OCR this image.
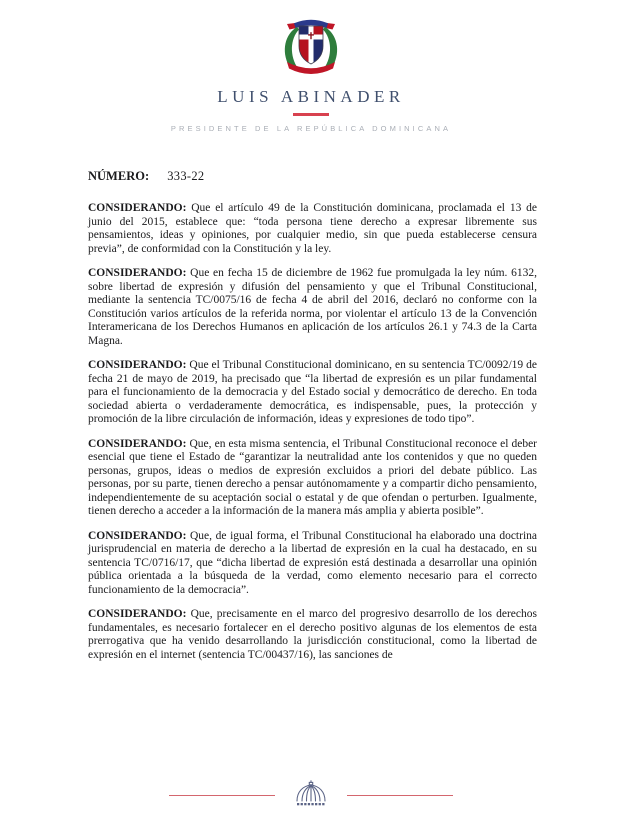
LUIS ABINADER
PRESIDENTE DE LA REPÚBLICA DOMINICANA
NÚMERO: 333-22

CONSIDERANDO: Que el artículo 49 de la Constitución dominicana, proclamada el 13 de junio del 2015, establece que: “toda persona tiene derecho a expresar libremente sus pensamientos, ideas y opiniones, por cualquier medio, sin que pueda establecerse censura previa”, de conformidad con la Constitución y la ley.

CONSIDERANDO: Que en fecha 15 de diciembre de 1962 fue promulgada la ley núm. 6132, sobre libertad de expresión y difusión del pensamiento y que el Tribunal Constitucional, mediante la sentencia TC/0075/16 de fecha 4 de abril del 2016, declaró no conforme con la Constitución varios artículos de la referida norma, por violentar el artículo 13 de la Convención Interamericana de los Derechos Humanos en aplicación de los artículos 26.1 y 74.3 de la Carta Magna.

CONSIDERANDO: Que el Tribunal Constitucional dominicano, en su sentencia TC/0092/19 de fecha 21 de mayo de 2019, ha precisado que “la libertad de expresión es un pilar fundamental para el funcionamiento de la democracia y del Estado social y democrático de derecho. En toda sociedad abierta o verdaderamente democrática, es indispensable, pues, la protección y promoción de la libre circulación de información, ideas y expresiones de todo tipo”.

CONSIDERANDO: Que, en esta misma sentencia, el Tribunal Constitucional reconoce el deber esencial que tiene el Estado de “garantizar la neutralidad ante los contenidos y que no queden personas, grupos, ideas o medios de expresión excluidos a priori del debate público. Las personas, por su parte, tienen derecho a pensar autónomamente y a compartir dicho pensamiento, independientemente de su aceptación social o estatal y de que ofendan o perturben. Igualmente, tienen derecho a acceder a la información de la manera más amplia y abierta posible”.

CONSIDERANDO: Que, de igual forma, el Tribunal Constitucional ha elaborado una doctrina jurisprudencial en materia de derecho a la libertad de expresión en la cual ha destacado, en su sentencia TC/0716/17, que “dicha libertad de expresión está destinada a desarrollar una opinión pública orientada a la búsqueda de la verdad, como elemento necesario para el correcto funcionamiento de la democracia”.

CONSIDERANDO: Que, precisamente en el marco del progresivo desarrollo de los derechos fundamentales, es necesario fortalecer en el derecho positivo algunas de los elementos de esta prerrogativa que ha venido desarrollando la jurisdicción constitucional, como la libertad de expresión en el internet (sentencia TC/00437/16), las sanciones de
